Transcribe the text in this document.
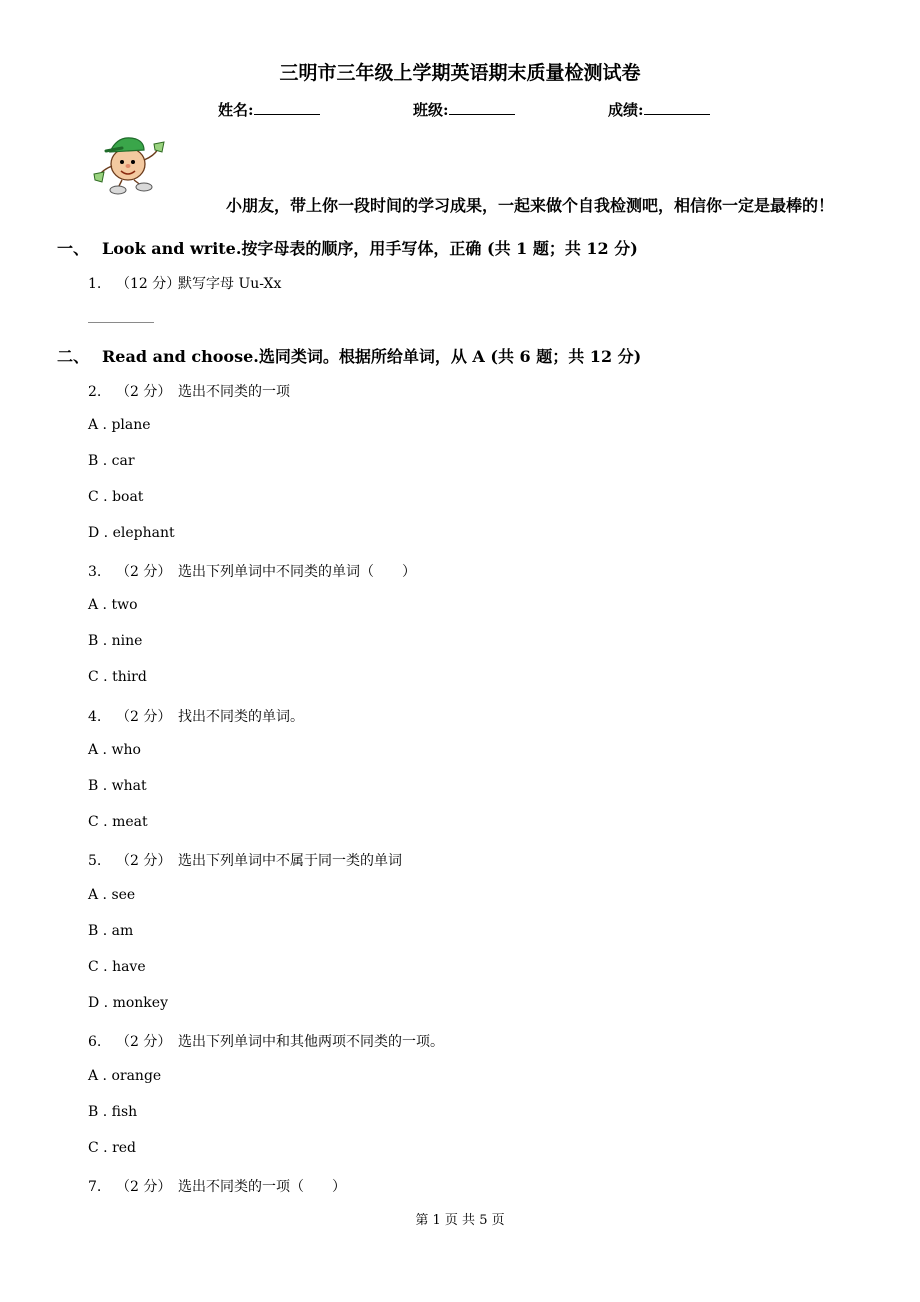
三明市三年级上学期英语期末质量检测试卷
姓名:	班级:	成绩:
小朋友，带上你一段时间的学习成果，一起来做个自我检测吧，相信你一定是最棒的！
一、 Look and write.按字母表的顺序，用手写体，正确 (共 1 题；共 12 分)
1. （12 分）默写字母 Uu-Xx
二、 Read and choose.选同类词。根据所给单词，从 A (共 6 题；共 12 分)
2. （2 分） 选出不同类的一项
A . plane
B . car
C . boat
D . elephant
3. （2 分） 选出下列单词中不同类的单词（　　）
A . two
B . nine
C . third
4. （2 分） 找出不同类的单词。
A . who
B . what
C . meat
5. （2 分） 选出下列单词中不属于同一类的单词
A . see
B . am
C . have
D . monkey
6. （2 分） 选出下列单词中和其他两项不同类的一项。
A . orange
B . fish
C . red
7. （2 分） 选出不同类的一项（　　）
第 1 页 共 5 页
